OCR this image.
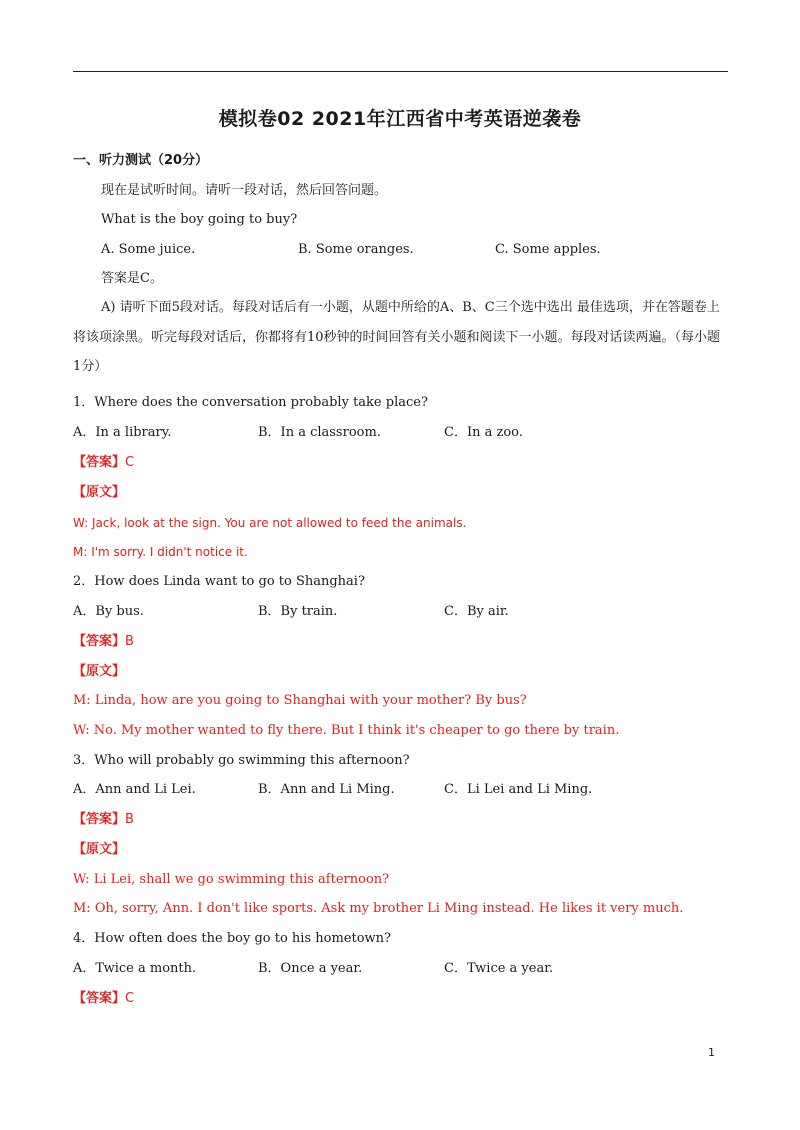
模拟卷02 2021年江西省中考英语逆袭卷
一、听力测试（20分）
现在是试听时间。请听一段对话，然后回答问题。
What is the boy going to buy?
A. Some juice.	B. Some oranges.	C. Some apples.
答案是C。
A) 请听下面5段对话。每段对话后有一小题，从题中所给的A、B、C三个选中选出 最佳选项，并在答题卷上将该项涂黑。听完每段对话后，你都将有10秒钟的时间回答有关小题和阅读下一小题。每段对话读两遍。（每小题1分）
1．Where does the conversation probably take place?
A．In a library.	B．In a classroom.	C．In a zoo.
【答案】C
【原文】
W: Jack, look at the sign. You are not allowed to feed the animals.
M: I'm sorry. I didn't notice it.
2．How does Linda want to go to Shanghai?
A．By bus.	B．By train.	C．By air.
【答案】B
【原文】
M: Linda, how are you going to Shanghai with your mother? By bus?
W: No. My mother wanted to fly there. But I think it's cheaper to go there by train.
3．Who will probably go swimming this afternoon?
A．Ann and Li Lei.	B．Ann and Li Ming.	C．Li Lei and Li Ming.
【答案】B
【原文】
W: Li Lei, shall we go swimming this afternoon?
M: Oh, sorry, Ann. I don't like sports. Ask my brother Li Ming instead. He likes it very much.
4．How often does the boy go to his hometown?
A．Twice a month.	B．Once a year.	C．Twice a year.
【答案】C
1
